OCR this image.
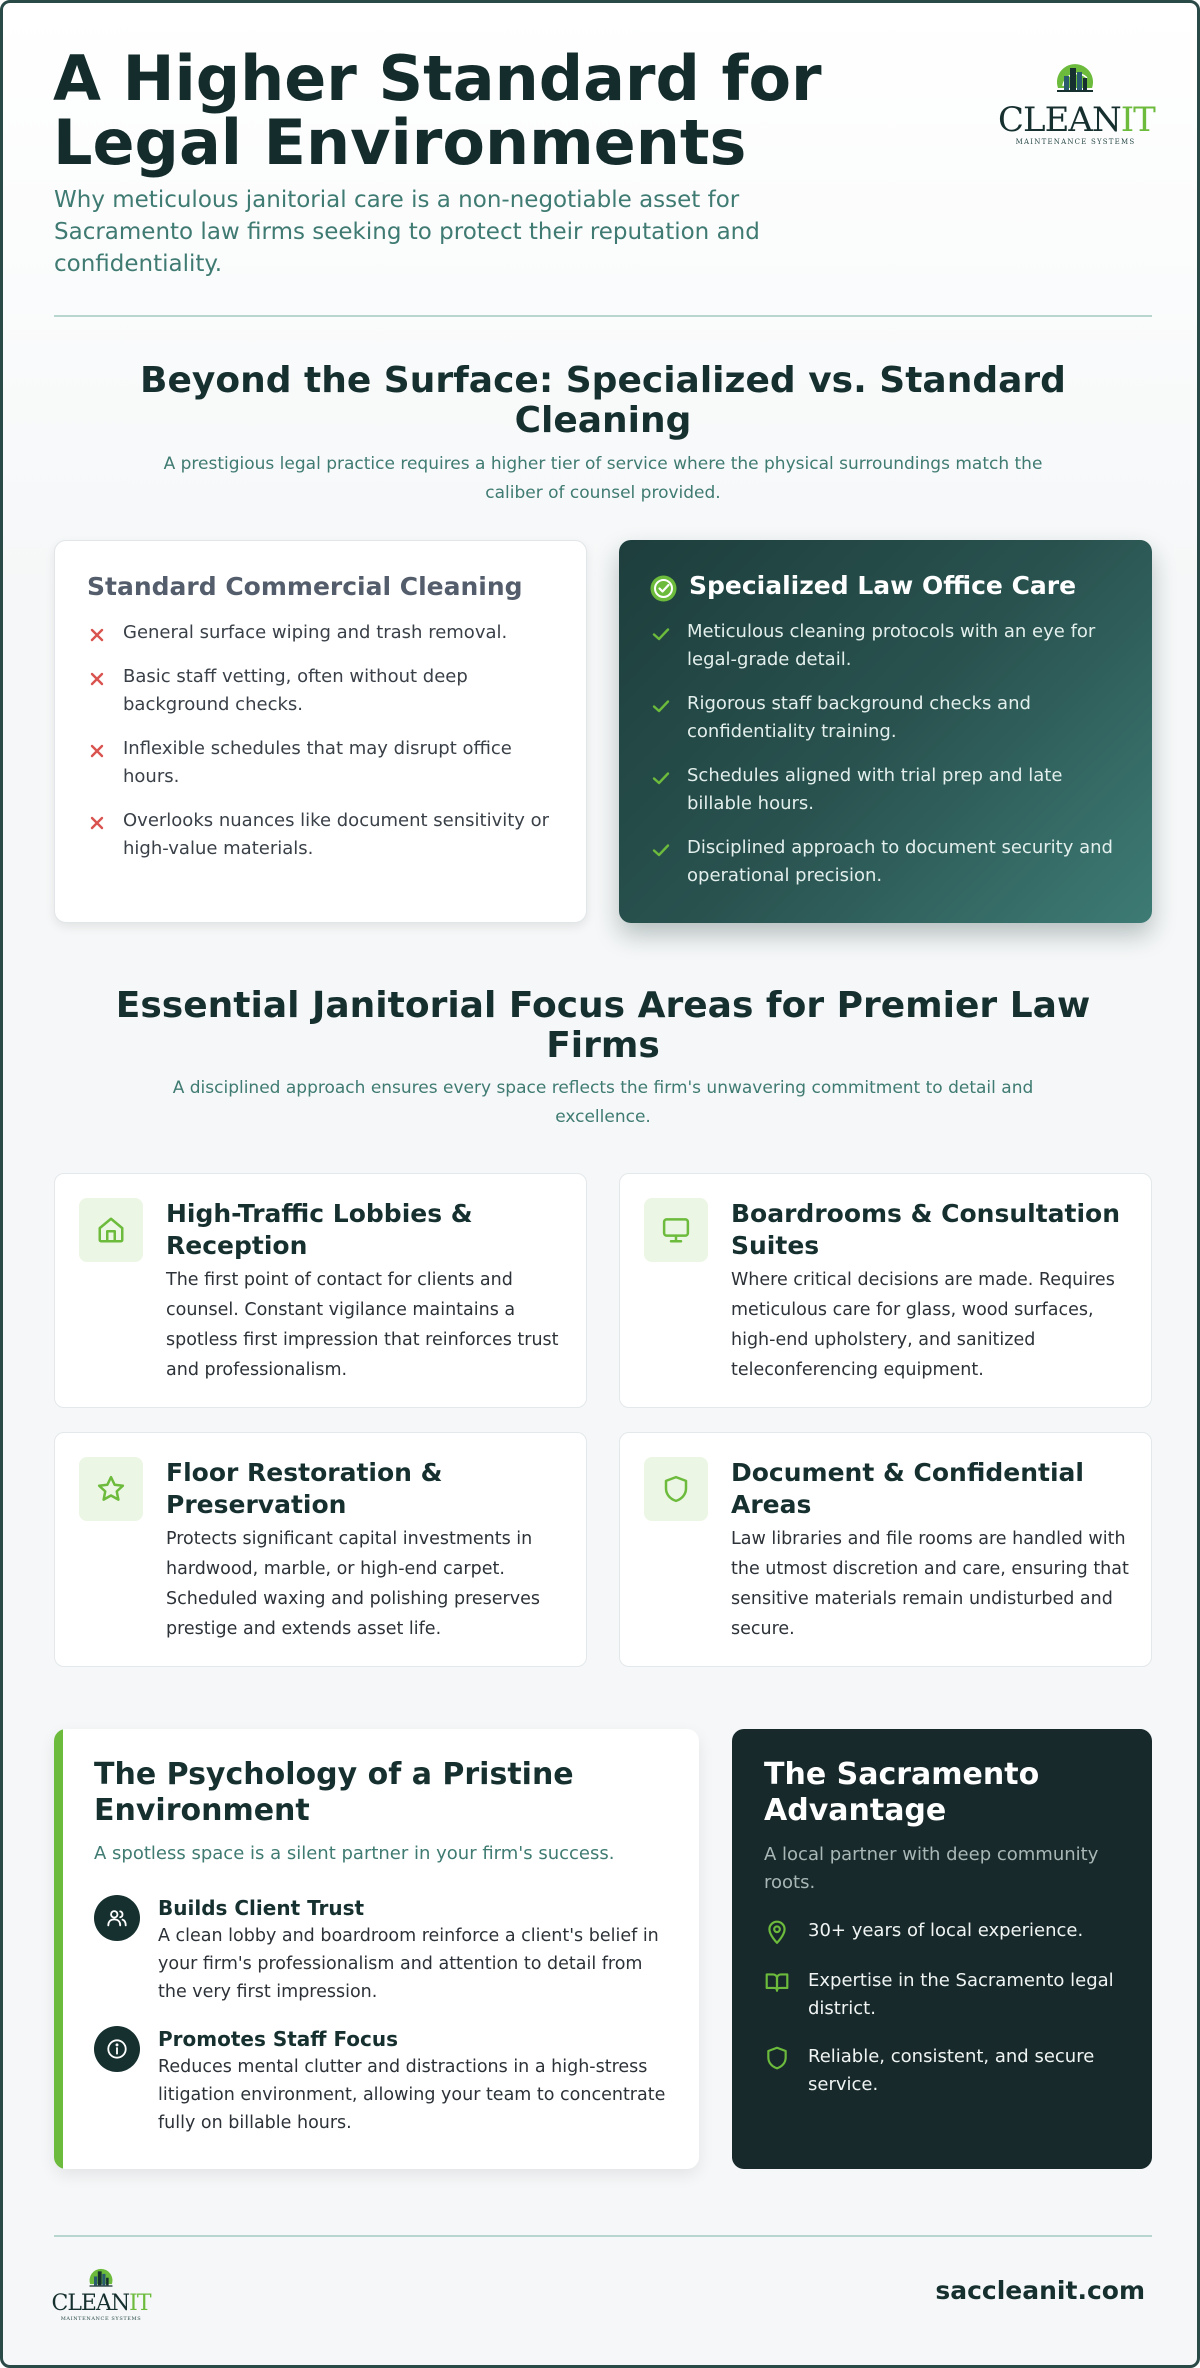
A Higher Standard for Legal Environments

Why meticulous janitorial care is a non-negotiable asset for Sacramento law firms seeking to protect their reputation and confidentiality.

CLEANIT
MAINTENANCE SYSTEMS
Beyond the Surface: Specialized vs. Standard Cleaning

A prestigious legal practice requires a higher tier of service where the physical surroundings match the caliber of counsel provided.

Standard Commercial Cleaning
General surface wiping and trash removal.
Basic staff vetting, often without deep background checks.
Inflexible schedules that may disrupt office hours.
Overlooks nuances like document sensitivity or high-value materials.
Specialized Law Office Care
Meticulous cleaning protocols with an eye for legal-grade detail.
Rigorous staff background checks and confidentiality training.
Schedules aligned with trial prep and late billable hours.
Disciplined approach to document security and operational precision.
Essential Janitorial Focus Areas for Premier Law Firms

A disciplined approach ensures every space reflects the firm's unwavering commitment to detail and excellence.

High-Traffic Lobbies & Reception

The first point of contact for clients and counsel. Constant vigilance maintains a spotless first impression that reinforces trust and professionalism.

Boardrooms & Consultation Suites

Where critical decisions are made. Requires meticulous care for glass, wood surfaces, high-end upholstery, and sanitized teleconferencing equipment.

Floor Restoration & Preservation

Protects significant capital investments in hardwood, marble, or high-end carpet. Scheduled waxing and polishing preserves prestige and extends asset life.

Document & Confidential Areas

Law libraries and file rooms are handled with the utmost discretion and care, ensuring that sensitive materials remain undisturbed and secure.

The Psychology of a Pristine Environment

A spotless space is a silent partner in your firm's success.

Builds Client Trust
A clean lobby and boardroom reinforce a client's belief in your firm's professionalism and attention to detail from the very first impression.
Promotes Staff Focus
Reduces mental clutter and distractions in a high-stress litigation environment, allowing your team to concentrate fully on billable hours.
The Sacramento Advantage

A local partner with deep community roots.

30+ years of local experience.
Expertise in the Sacramento legal district.
Reliable, consistent, and secure service.
CLEANIT
MAINTENANCE SYSTEMS
saccleanit.com
